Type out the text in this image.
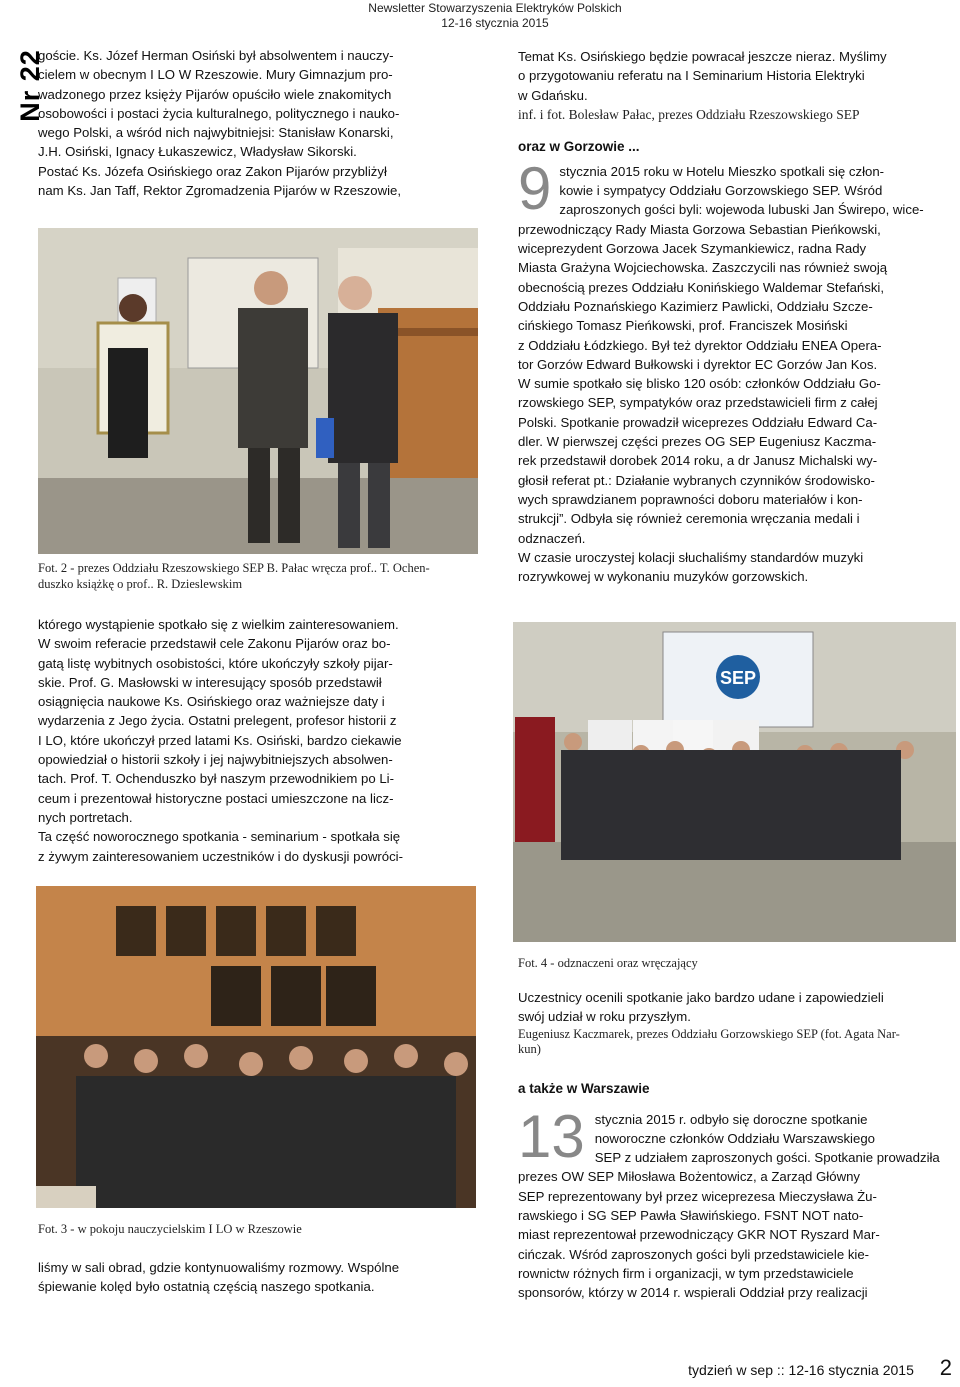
Newsletter Stowarzyszenia Elektryków Polskich
12-16 stycznia 2015
Nr 22
goście. Ks. Józef Herman Osiński był absolwentem i nauczy-
cielem w obecnym I LO W Rzeszowie. Mury Gimnazjum pro-
wadzonego przez księży Pijarów opuściło wiele znakomitych
osobowości i postaci życia kulturalnego, politycznego i nauko-
wego Polski, a wśród nich najwybitniejsi: Stanisław Konarski,
J.H. Osiński, Ignacy Łukaszewicz, Władysław Sikorski.
Postać Ks. Józefa Osińskiego oraz Zakon Pijarów przybliżył
nam Ks. Jan Taff, Rektor Zgromadzenia Pijarów w Rzeszowie,
Fot. 2 - prezes Oddziału Rzeszowskiego SEP B. Pałac wręcza prof.. T. Ochen-
duszko książkę o prof.. R. Dzieslewskim
którego wystąpienie spotkało się z wielkim zainteresowaniem.
W swoim referacie przedstawił cele Zakonu Pijarów oraz bo-
gatą listę wybitnych osobistości, które ukończyły szkoły pijar-
skie. Prof. G. Masłowski w interesujący sposób przedstawił
osiągnięcia naukowe Ks. Osińskiego oraz ważniejsze daty i
wydarzenia z Jego życia. Ostatni prelegent, profesor historii z
I LO, które ukończył przed latami Ks. Osiński, bardzo ciekawie
opowiedział o historii szkoły i jej najwybitniejszych absolwen-
tach. Prof. T. Ochenduszko był naszym przewodnikiem po Li-
ceum i prezentował historyczne postaci umieszczone na licz-
nych portretach.
Ta część noworocznego spotkania - seminarium - spotkała się
z żywym zainteresowaniem uczestników i do dyskusji powróci-
Fot. 3 - w pokoju nauczycielskim I LO w Rzeszowie
liśmy w sali obrad, gdzie kontynuowaliśmy rozmowy. Wspólne
śpiewanie kolęd było ostatnią częścią naszego spotkania.
Temat Ks. Osińskiego będzie powracał jeszcze nieraz. Myślimy
o przygotowaniu referatu na I Seminarium Historia Elektryki
w Gdańsku.
inf. i fot. Bolesław Pałac, prezes Oddziału Rzeszowskiego SEP
oraz w Gorzowie ...
9 stycznia 2015 roku w Hotelu Mieszko spotkali się człon-
kowie i sympatycy Oddziału Gorzowskiego SEP. Wśród
zaproszonych gości byli: wojewoda lubuski Jan Świrepo, wice-
przewodniczący Rady Miasta Gorzowa Sebastian Pieńkowski,
wiceprezydent Gorzowa Jacek Szymankiewicz, radna Rady
Miasta Grażyna Wojciechowska. Zaszczycili nas również swoją
obecnością prezes Oddziału Konińskiego Waldemar Stefański,
Oddziału Poznańskiego Kazimierz Pawlicki, Oddziału Szcze-
cińskiego Tomasz Pieńkowski, prof. Franciszek Mosiński
z Oddziału Łódzkiego. Był też dyrektor Oddziału ENEA Opera-
tor Gorzów Edward Bułkowski i dyrektor EC Gorzów Jan Kos.
W sumie spotkało się blisko 120 osób: członków Oddziału Go-
rzowskiego SEP, sympatyków oraz przedstawicieli firm z całej
Polski. Spotkanie prowadził wiceprezes Oddziału Edward Ca-
dler. W pierwszej części prezes OG SEP Eugeniusz Kaczma-
rek przedstawił dorobek 2014 roku, a dr Janusz Michalski wy-
głosił referat pt.: Działanie wybranych czynników środowisko-
wych sprawdzianem poprawności doboru materiałów i kon-
strukcji”. Odbyła się również ceremonia wręczania medali i
odznaczeń.
W czasie uroczystej kolacji słuchaliśmy standardów muzyki
rozrywkowej w wykonaniu muzyków gorzowskich.
SEP
Fot. 4 - odznaczeni oraz wręczający
Uczestnicy ocenili spotkanie jako bardzo udane i zapowiedzieli
swój udział w roku przyszłym.
Eugeniusz Kaczmarek, prezes Oddziału Gorzowskiego SEP (fot. Agata Nar-
kun)
a także w Warszawie
13 stycznia 2015 r. odbyło się doroczne spotkanie
noworoczne członków Oddziału Warszawskiego
SEP z udziałem zaproszonych gości. Spotkanie prowadziła
prezes OW SEP Miłosława Bożentowicz, a Zarząd Główny
SEP reprezentowany był przez wiceprezesa Mieczysława Żu-
rawskiego i SG SEP Pawła Sławińskiego. FSNT NOT nato-
miast reprezentował przewodniczący GKR NOT Ryszard Mar-
cińczak. Wśród zaproszonych gości byli przedstawiciele kie-
rownictw różnych firm i organizacji, w tym przedstawiciele
sponsorów, którzy w 2014 r. wspierali Oddział przy realizacji
tydzień w sep :: 12-16 stycznia 2015 2
